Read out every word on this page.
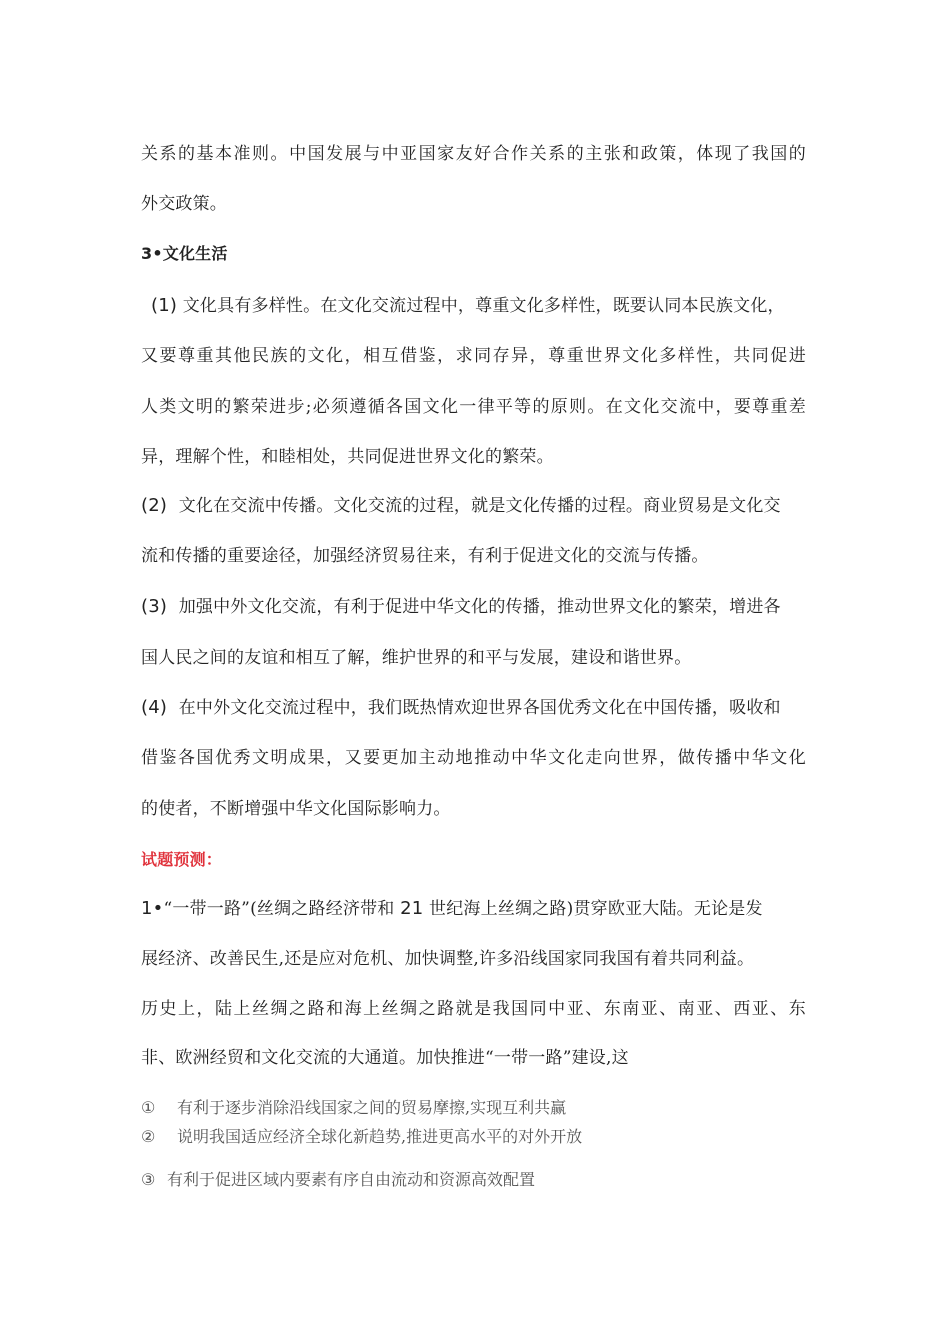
关系的基本准则。中国发展与中亚国家友好合作关系的主张和政策，体现了我国的
外交政策。
3•文化生活
(1) 文化具有多样性。在文化交流过程中，尊重文化多样性，既要认同本民族文化，
又要尊重其他民族的文化，相互借鉴，求同存异，尊重世界文化多样性，共同促进
人类文明的繁荣进步;必须遵循各国文化一律平等的原则。在文化交流中，要尊重差
异，理解个性，和睦相处，共同促进世界文化的繁荣。
(2) 文化在交流中传播。文化交流的过程，就是文化传播的过程。商业贸易是文化交
流和传播的重要途径，加强经济贸易往来，有利于促进文化的交流与传播。
(3) 加强中外文化交流，有利于促进中华文化的传播，推动世界文化的繁荣，增进各
国人民之间的友谊和相互了解，维护世界的和平与发展，建设和谐世界。
(4) 在中外文化交流过程中，我们既热情欢迎世界各国优秀文化在中国传播，吸收和
借鉴各国优秀文明成果，又要更加主动地推动中华文化走向世界，做传播中华文化
的使者，不断增强中华文化国际影响力。
试题预测：
1•“一带一路”(丝绸之路经济带和 21 世纪海上丝绸之路)贯穿欧亚大陆。无论是发
展经济、改善民生,还是应对危机、加快调整,许多沿线国家同我国有着共同利益。
历史上，陆上丝绸之路和海上丝绸之路就是我国同中亚、东南亚、南亚、西亚、东
非、欧洲经贸和文化交流的大通道。加快推进“一带一路”建设,这
① 有利于逐步消除沿线国家之间的贸易摩擦,实现互利共赢
② 说明我国适应经济全球化新趋势,推进更高水平的对外开放
③ 有利于促进区域内要素有序自由流动和资源高效配置
